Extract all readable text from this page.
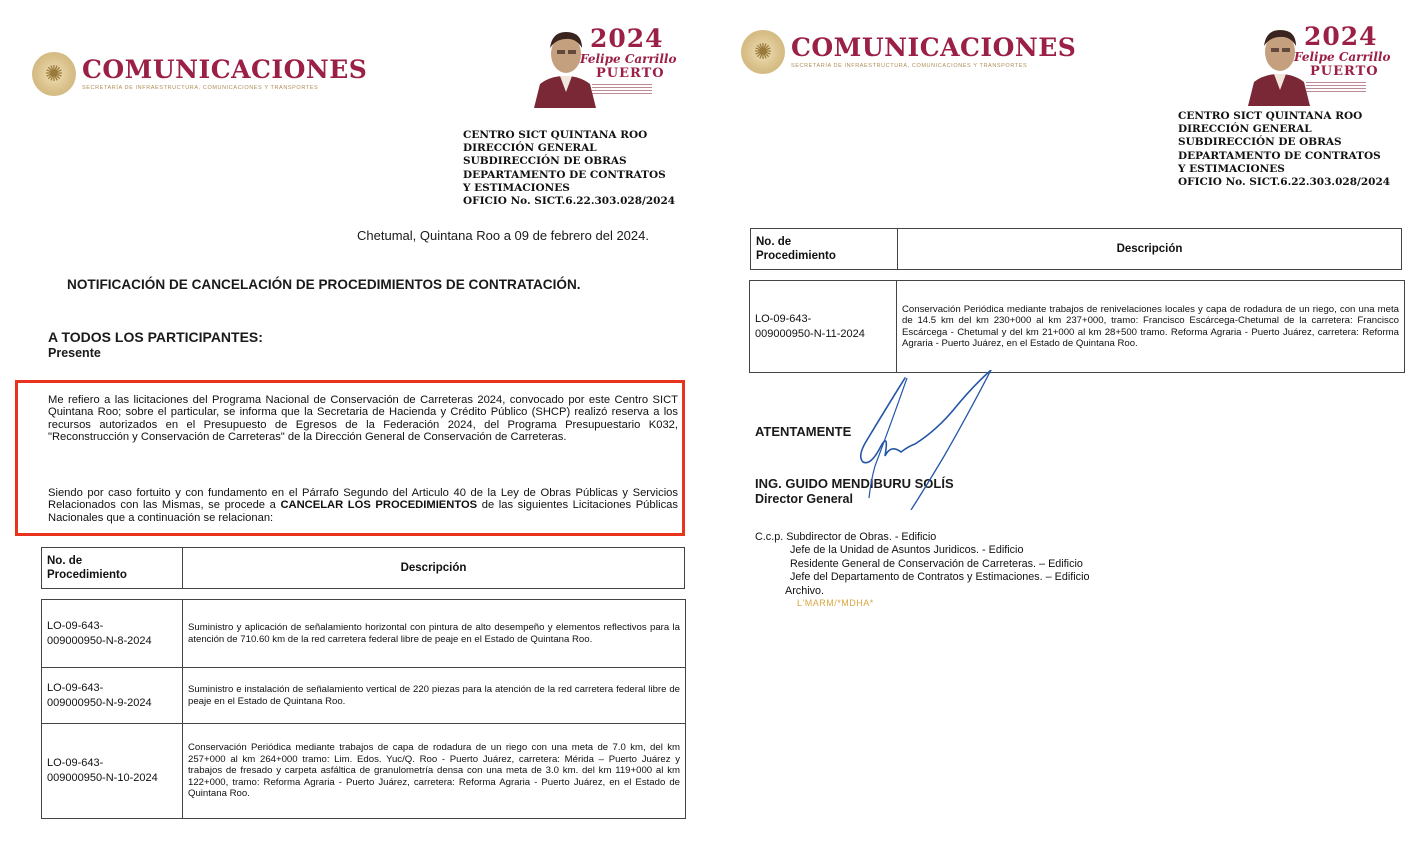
✺ COMUNICACIONES
SECRETARÍA DE INFRAESTRUCTURA, COMUNICACIONES Y TRANSPORTES
2024
Felipe Carrillo
PUERTO
CENTRO SICT QUINTANA ROO
DIRECCIÓN GENERAL
SUBDIRECCIÓN DE OBRAS
DEPARTAMENTO DE CONTRATOS
Y ESTIMACIONES
OFICIO No. SICT.6.22.303.028/2024
Chetumal, Quintana Roo a 09 de febrero del 2024.
NOTIFICACIÓN DE CANCELACIÓN DE PROCEDIMIENTOS DE CONTRATACIÓN.
A TODOS LOS PARTICIPANTES:
Presente
Me refiero a las licitaciones del Programa Nacional de Conservación de Carreteras 2024, convocado por este Centro SICT Quintana Roo; sobre el particular, se informa que la Secretaria de Hacienda y Crédito Público (SHCP) realizó reserva a los recursos autorizados en el Presupuesto de Egresos de la Federación 2024, del Programa Presupuestario K032, "Reconstrucción y Conservación de Carreteras" de la Dirección General de Conservación de Carreteras.
Siendo por caso fortuito y con fundamento en el Párrafo Segundo del Articulo 40 de la Ley de Obras Públicas y Servicios Relacionados con las Mismas, se procede a CANCELAR LOS PROCEDIMIENTOS de las siguientes Licitaciones Públicas Nacionales que a continuación se relacionan:
No. de
Procedimiento
	Descripción
LO-09-643-
009000950-N-8-2024	Suministro y aplicación de señalamiento horizontal con pintura de alto desempeño y elementos reflectivos para la atención de 710.60 km de la red carretera federal libre de peaje en el Estado de Quintana Roo.

LO-09-643-
009000950-N-9-2024	Suministro e instalación de señalamiento vertical de 220 piezas para la atención de la red carretera federal libre de peaje en el Estado de Quintana Roo.

LO-09-643-
009000950-N-10-2024	Conservación Periódica mediante trabajos de capa de rodadura de un riego con una meta de 7.0 km, del km 257+000 al km 264+000 tramo: Lim. Edos. Yuc/Q. Roo - Puerto Juárez, carretera: Mérida – Puerto Juárez y trabajos de fresado y carpeta asfáltica de granulometría densa con una meta de 3.0 km. del km 119+000 al km 122+000, tramo: Reforma Agraria - Puerto Juárez, carretera: Reforma Agraria - Puerto Juárez, en el Estado de Quintana Roo.
✺ COMUNICACIONES
SECRETARÍA DE INFRAESTRUCTURA, COMUNICACIONES Y TRANSPORTES
2024
Felipe Carrillo
PUERTO
CENTRO SICT QUINTANA ROO
DIRECCIÓN GENERAL
SUBDIRECCIÓN DE OBRAS
DEPARTAMENTO DE CONTRATOS
Y ESTIMACIONES
OFICIO No. SICT.6.22.303.028/2024
No. de
Procedimiento
	Descripción
LO-09-643-
009000950-N-11-2024
	Conservación Periódica mediante trabajos de renivelaciones locales y capa de rodadura de un riego, con una meta de 14.5 km del km 230+000 al km 237+000, tramo: Francisco Escárcega-Chetumal de la carretera: Francisco Escárcega - Chetumal y del km 21+000 al km 28+500 tramo. Reforma Agraria - Puerto Juárez, carretera: Reforma Agraria - Puerto Juárez, en el Estado de Quintana Roo.
ATENTAMENTE
ING. GUIDO MENDIBURU SOLÍS
Director General
C.c.p. Subdirector de Obras. - Edificio
Jefe de la Unidad de Asuntos Juridicos. - Edificio
Residente General de Conservación de Carreteras. – Edificio
Jefe del Departamento de Contratos y Estimaciones. – Edificio
Archivo.
L'MARM/*MDHA*
